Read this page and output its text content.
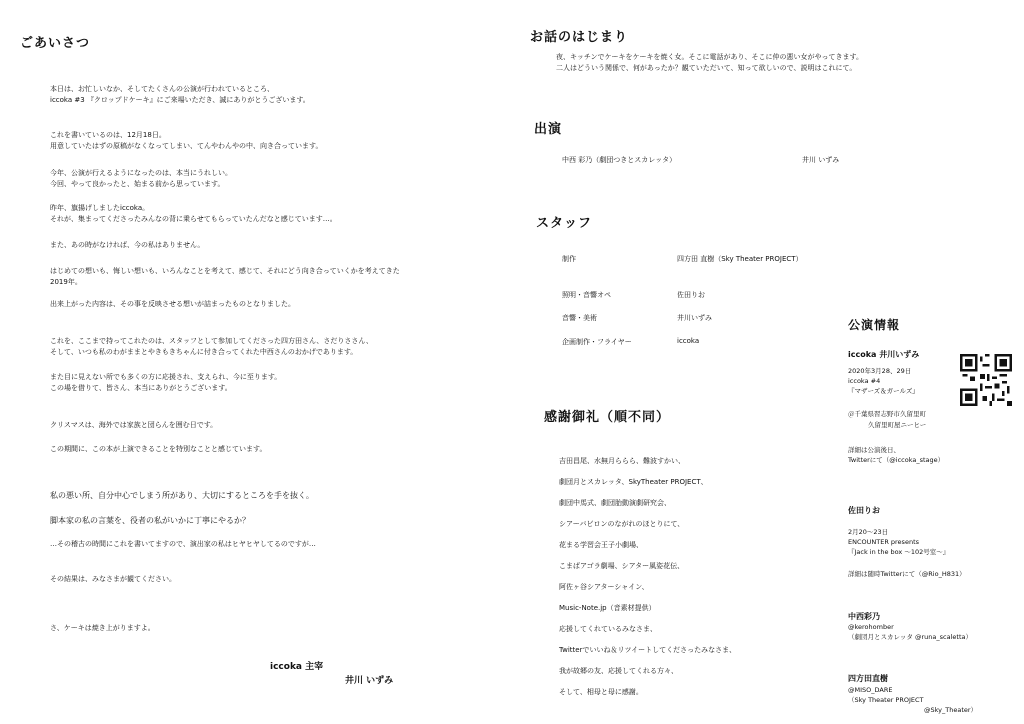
ごあいさつ
本日は、お忙しいなか、そしてたくさんの公演が行われているところ、
iccoka #3 『クロップドケーキ』にご来場いただき、誠にありがとうございます。
これを書いているのは、12月18日。
用意していたはずの原稿がなくなってしまい、てんやわんやの中、向き合っています。
今年、公演が行えるようになったのは、本当にうれしい。
今回、やって良かったと、始まる前から思っています。
昨年、旗揚げしましたiccoka。
それが、集まってくださったみんなの背に乗らせてもらっていたんだなと感じています…。
また、あの時がなければ、今の私はありません。
はじめての想いも、悔しい想いも、いろんなことを考えて、感じて、それにどう向き合っていくかを考えてきた
2019年。
出来上がった内容は、その事を反映させる想いが詰まったものとなりました。
これを、ここまで持ってこれたのは、スタッフとして参加してくださった四方田さん、さだりささん、
そして、いつも私のわがままとやきもきちゃんに付き合ってくれた中西さんのおかげであります。
また目に見えない所でも多くの方に応援され、支えられ、今に至ります。
この場を借りて、皆さん、本当にありがとうございます。
クリスマスは、海外では家族と団らんを囲む日です。
この期間に、この本が上演できることを特別なことと感じています。
私の悪い所、自分中心でしまう所があり、大切にするところを手を抜く。
脚本家の私の言葉を、役者の私がいかに丁寧にやるか？
…その稽古の時間にこれを書いてますので、演出家の私はヒヤヒヤしてるのですが…
その結果は、みなさまが観てください。
さ、ケーキは焼き上がりますよ。
iccoka 主宰
井川 いずみ
お話のはじまり
夜、キッチンでケーキをケーキを焼く女。そこに電話があり、そこに仲の悪い女がやってきます。
二人はどういう関係で、何があったか？観ていただいて、知って欲しいので、説明はこれにて。
出演
中西 彩乃（劇団つきとスカレッタ）	井川 いずみ
スタッフ
制作	四方田 直樹（Sky Theater PROJECT）
照明・音響オペ	佐田りお
音響・美術	井川いずみ
企画制作・フライヤー	iccoka
感謝御礼（順不同）
吉田昌尾、水無月ららら、難波すかい、
劇団月とスカレッタ、SkyTheater PROJECT、
劇団中馬式、劇団胎動演劇研究会、
シアーバビロンのながれのほとりにて、
花まる学習会王子小劇場、
こまばアゴラ劇場、シアター風姿花伝、
阿佐ヶ谷シアターシャイン、
Music-Note.jp（音素材提供）
応援してくれているみなさま、
Twitterでいいね＆リツイートしてくださったみなさま、
我が故郷の友、応援してくれる方々、
そして、相母と母に感謝。
公演情報
iccoka 井川いずみ
2020年3月28、29日
iccoka #4
『マザーズ＆ガールズ』
＠千葉県習志野市久留里町
久留里町屋ニーヒー
詳細は公演後日、
Twitterにて（@iccoka_stage）
佐田りお
2月20～23日
ENCOUNTER presents
『Jack in the box ～102号室～』
詳細は随時Twitterにて（@Rio_H831）
中西彩乃
@kerohomber
（劇団月とスカレッタ @runa_scaletta）
四方田直樹
@MISO_DARE
（Sky Theater PROJECT
@Sky_Theater）
